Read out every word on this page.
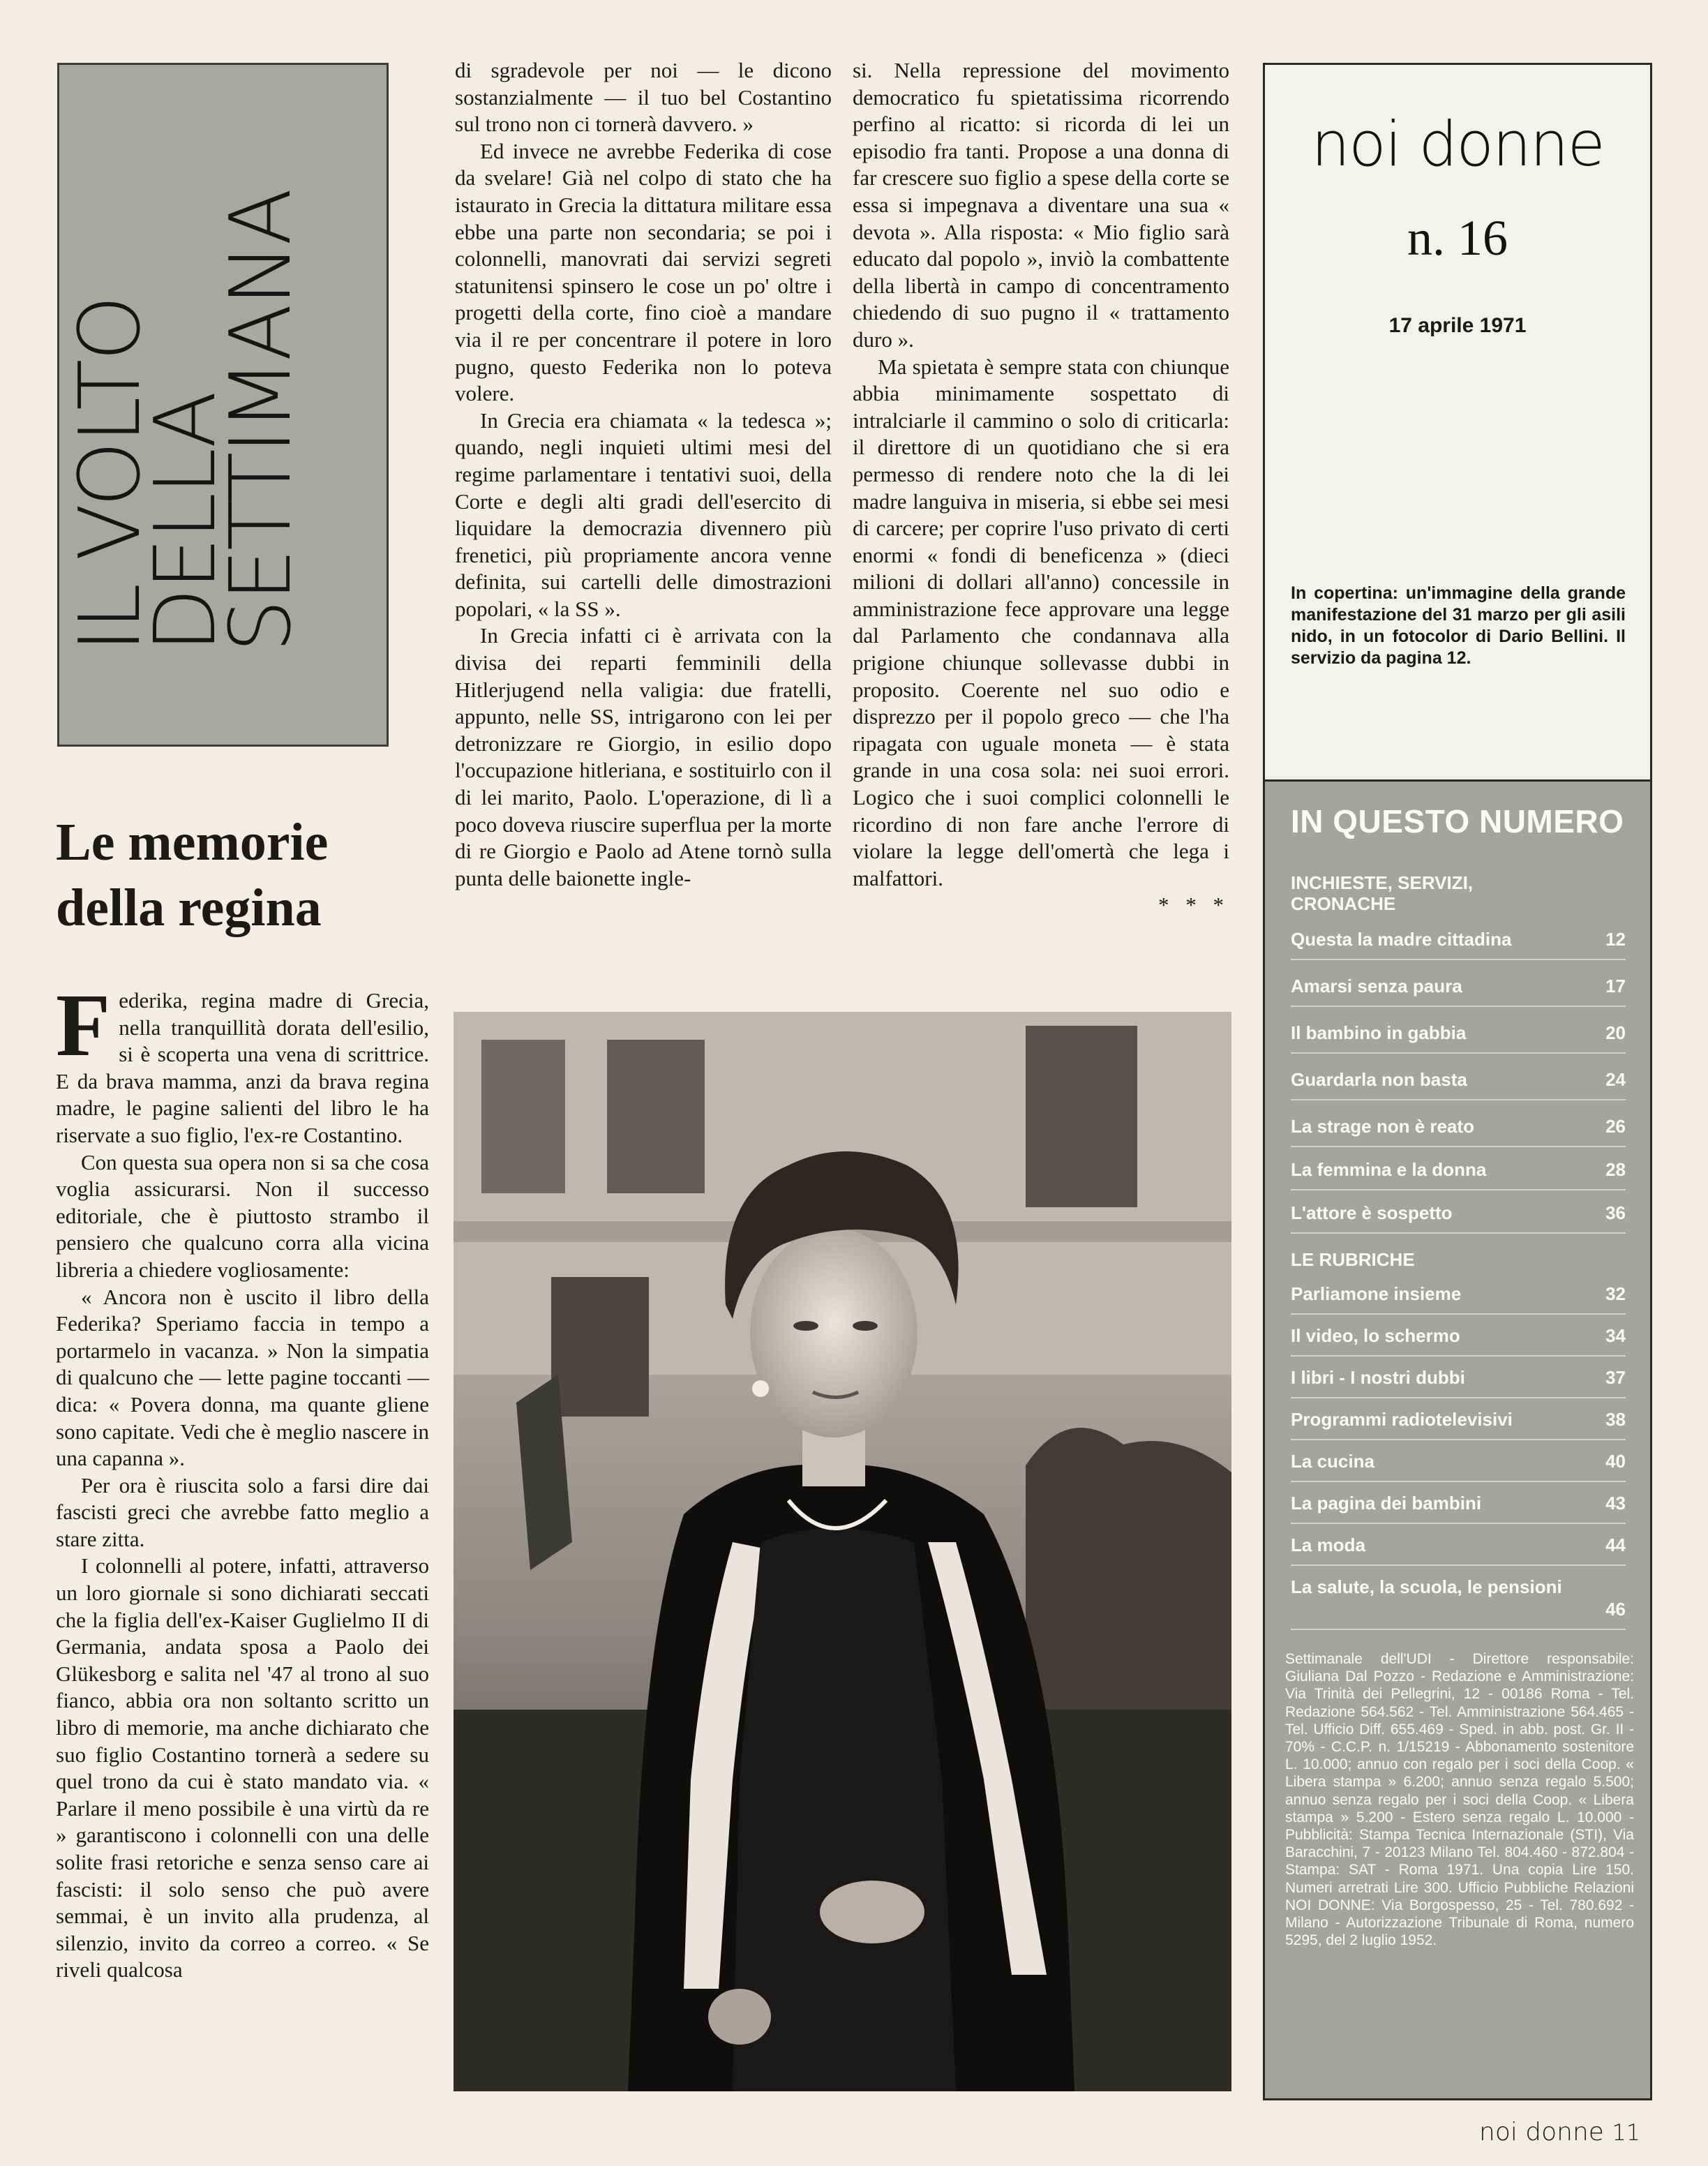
IL VOLTO
DELLA
SETTIMANA
Le memorie
della regina

Federika, regina madre di Grecia, nella tranquillità dorata dell'esilio, si è scoperta una vena di scrittrice. E da brava mamma, anzi da brava regina madre, le pagine salienti del libro le ha riservate a suo figlio, l'ex-re Costantino.

Con questa sua opera non si sa che cosa voglia assicurarsi. Non il successo editoriale, che è piuttosto strambo il pensiero che qualcuno corra alla vicina libreria a chiedere vogliosamente:

« Ancora non è uscito il libro della Federika? Speriamo faccia in tempo a portarmelo in vacanza. » Non la simpatia di qualcuno che — lette pagine toccanti — dica: « Povera donna, ma quante gliene sono capitate. Vedi che è meglio nascere in una capanna ».

Per ora è riuscita solo a farsi dire dai fascisti greci che avrebbe fatto meglio a stare zitta.

I colonnelli al potere, infatti, attraverso un loro giornale si sono dichiarati seccati che la figlia dell'ex-Kaiser Guglielmo II di Germania, andata sposa a Paolo dei Glükesborg e salita nel '47 al trono al suo fianco, abbia ora non soltanto scritto un libro di memorie, ma anche dichiarato che suo figlio Costantino tornerà a sedere su quel trono da cui è stato mandato via. « Parlare il meno possibile è una virtù da re » garantiscono i colonnelli con una delle solite frasi retoriche e senza senso care ai fascisti: il solo senso che può avere semmai, è un invito alla prudenza, al silenzio, invito da correo a correo. « Se riveli qualcosa

di sgradevole per noi — le dicono sostanzialmente — il tuo bel Costantino sul trono non ci tornerà davvero. »

Ed invece ne avrebbe Federika di cose da svelare! Già nel colpo di stato che ha istaurato in Grecia la dittatura militare essa ebbe una parte non secondaria; se poi i colonnelli, manovrati dai servizi segreti statunitensi spinsero le cose un po' oltre i progetti della corte, fino cioè a mandare via il re per concentrare il potere in loro pugno, questo Federika non lo poteva volere.

In Grecia era chiamata « la tedesca »; quando, negli inquieti ultimi mesi del regime parlamentare i tentativi suoi, della Corte e degli alti gradi dell'esercito di liquidare la democrazia divennero più frenetici, più propriamente ancora venne definita, sui cartelli delle dimostrazioni popolari, « la SS ».

In Grecia infatti ci è arrivata con la divisa dei reparti femminili della Hitlerjugend nella valigia: due fratelli, appunto, nelle SS, intrigarono con lei per detronizzare re Giorgio, in esilio dopo l'occupazione hitleriana, e sostituirlo con il di lei marito, Paolo. L'operazione, di lì a poco doveva riuscire superflua per la morte di re Giorgio e Paolo ad Atene tornò sulla punta delle baionette ingle-

si. Nella repressione del movimento democratico fu spietatissima ricorrendo perfino al ricatto: si ricorda di lei un episodio fra tanti. Propose a una donna di far crescere suo figlio a spese della corte se essa si impegnava a diventare una sua « devota ». Alla risposta: « Mio figlio sarà educato dal popolo », inviò la combattente della libertà in campo di concentramento chiedendo di suo pugno il « trattamento duro ».

Ma spietata è sempre stata con chiunque abbia minimamente sospettato di intralciarle il cammino o solo di criticarla: il direttore di un quotidiano che si era permesso di rendere noto che la di lei madre languiva in miseria, si ebbe sei mesi di carcere; per coprire l'uso privato di certi enormi « fondi di beneficenza » (dieci milioni di dollari all'anno) concessile in amministrazione fece approvare una legge dal Parlamento che condannava alla prigione chiunque sollevasse dubbi in proposito. Coerente nel suo odio e disprezzo per il popolo greco — che l'ha ripagata con uguale moneta — è stata grande in una cosa sola: nei suoi errori. Logico che i suoi complici colonnelli le ricordino di non fare anche l'errore di violare la legge dell'omertà che lega i malfattori.

* * *
noi donne
n. 16
17 aprile 1971
In copertina: un'immagine della grande manifestazione del 31 marzo per gli asili nido, in un fotocolor di Dario Bellini. Il servizio da pagina 12.
IN QUESTO NUMERO
INCHIESTE, SERVIZI,
CRONACHE
Questa la madre cittadina	12
Amarsi senza paura	17
Il bambino in gabbia	20
Guardarla non basta	24
La strage non è reato	26
La femmina e la donna	28
L'attore è sospetto	36
LE RUBRICHE
Parliamone insieme	32
Il video, lo schermo	34
I libri - I nostri dubbi	37
Programmi radiotelevisivi	38
La cucina	40
La pagina dei bambini	43
La moda	44
La salute, la scuola, le pensioni
46
Settimanale dell'UDI - Direttore responsabile: Giuliana Dal Pozzo - Redazione e Amministrazione: Via Trinità dei Pellegrini, 12 - 00186 Roma - Tel. Redazione 564.562 - Tel. Amministrazione 564.465 - Tel. Ufficio Diff. 655.469 - Sped. in abb. post. Gr. II - 70% - C.C.P. n. 1/15219 - Abbonamento sostenitore L. 10.000; annuo con regalo per i soci della Coop. « Libera stampa » 6.200; annuo senza regalo 5.500; annuo senza regalo per i soci della Coop. « Libera stampa » 5.200 - Estero senza regalo L. 10.000 - Pubblicità: Stampa Tecnica Internazionale (STI), Via Baracchini, 7 - 20123 Milano Tel. 804.460 - 872.804 - Stampa: SAT - Roma 1971. Una copia Lire 150. Numeri arretrati Lire 300. Ufficio Pubbliche Relazioni NOI DONNE: Via Borgospesso, 25 - Tel. 780.692 - Milano - Autorizzazione Tribunale di Roma, numero 5295, del 2 luglio 1952.
noi donne 11
